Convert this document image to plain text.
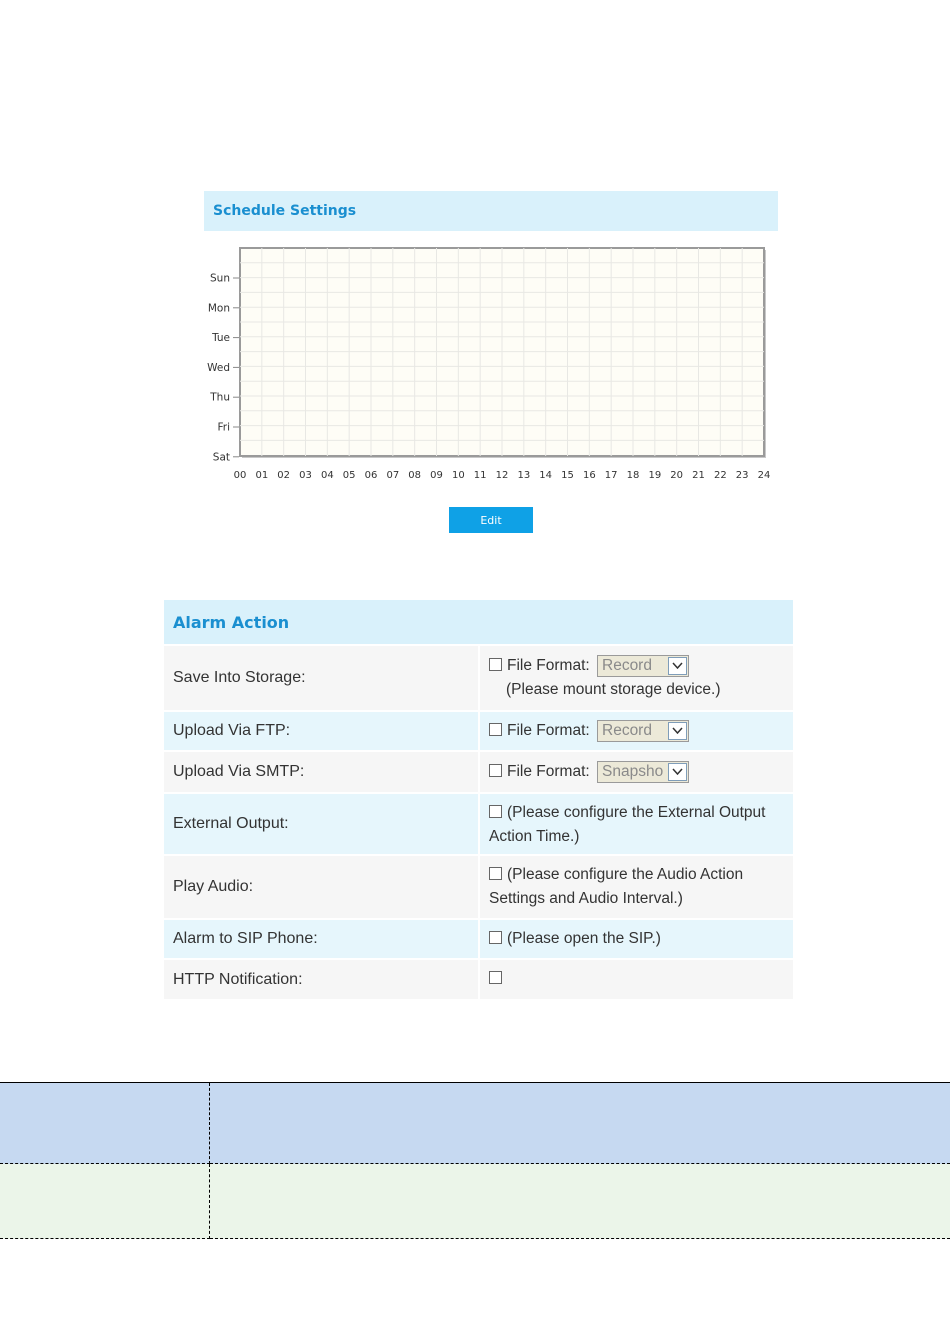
Schedule Settings
Sun
Mon
Tue
Wed
Thu
Fri
Sat
00 01 02 03 04 05 06 07 08 09 10 11 12 13 14 15 16 17 18 19 20 21 22 23 24
Edit
Alarm Action
Save Into Storage:
File Format: Record
(Please mount storage device.)
Upload Via FTP:	File Format: Record
Upload Via SMTP:	File Format: Snapsho
External Output:
(Please configure the External Output
Action Time.)
Play Audio:
(Please configure the Audio Action
Settings and Audio Interval.)
Alarm to SIP Phone:	(Please open the SIP.)
HTTP Notification:
